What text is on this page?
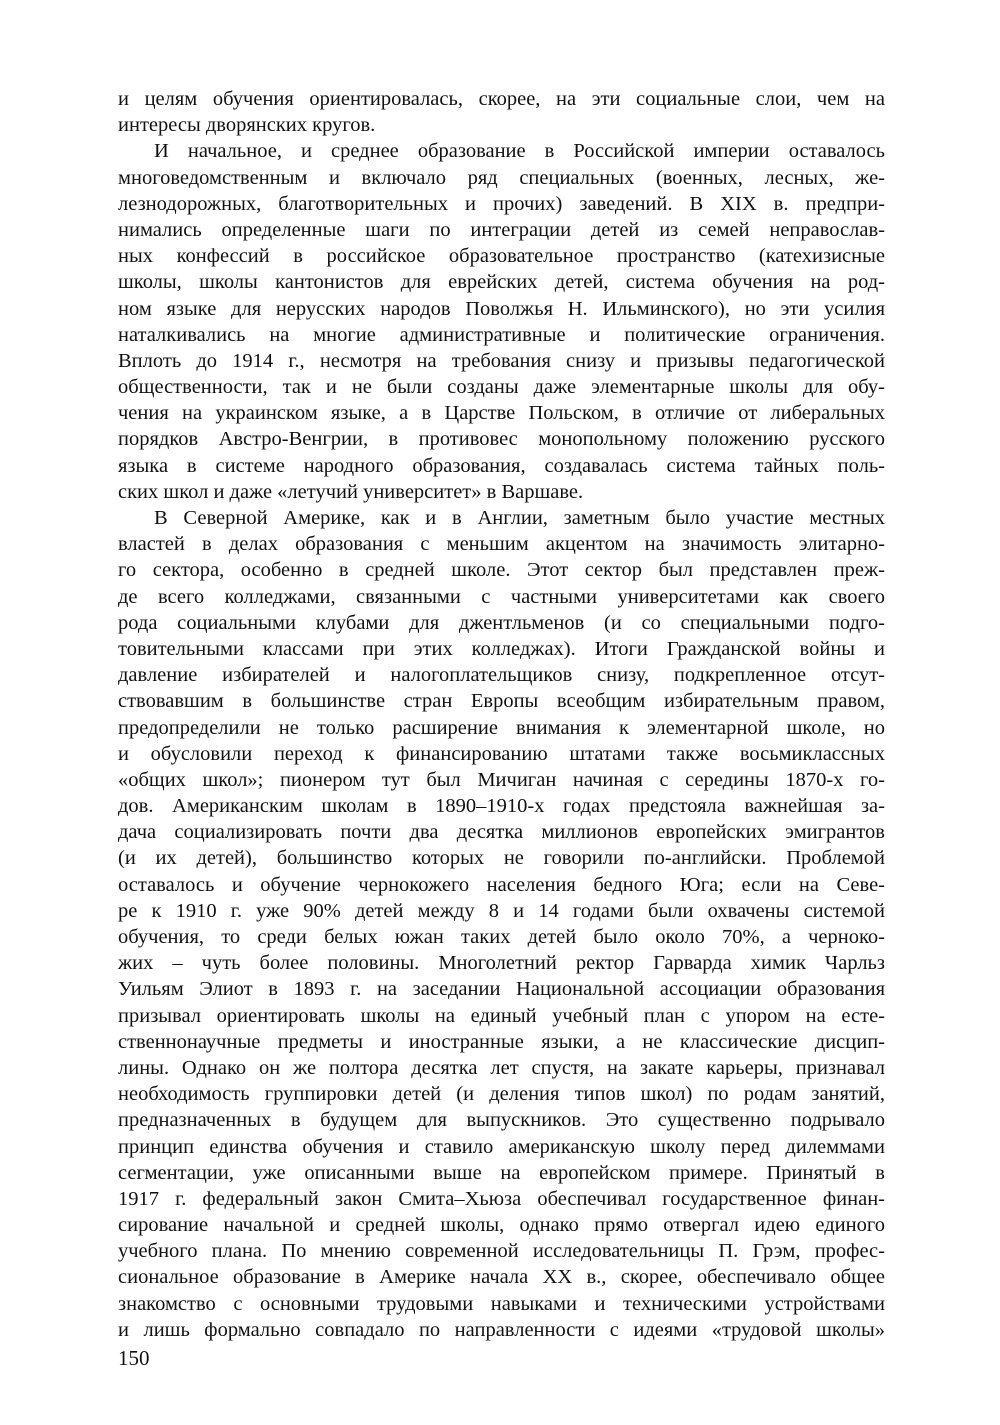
и целям обучения ориентировалась, скорее, на эти социальные слои, чем на
интересы дворянских кругов.
И начальное, и среднее образование в Российской империи оставалось
многоведомственным и включало ряд специальных (военных, лесных, же-
лезнодорожных, благотворительных и прочих) заведений. В XIX в. предпри-
нимались определенные шаги по интеграции детей из семей неправослав-
ных конфессий в российское образовательное пространство (катехизисные
школы, школы кантонистов для еврейских детей, система обучения на род-
ном языке для нерусских народов Поволжья Н. Ильминского), но эти усилия
наталкивались на многие административные и политические ограничения.
Вплоть до 1914 г., несмотря на требования снизу и призывы педагогической
общественности, так и не были созданы даже элементарные школы для обу-
чения на украинском языке, а в Царстве Польском, в отличие от либеральных
порядков Австро-Венгрии, в противовес монопольному положению русского
языка в системе народного образования, создавалась система тайных поль-
ских школ и даже «летучий университет» в Варшаве.
В Северной Америке, как и в Англии, заметным было участие местных
властей в делах образования с меньшим акцентом на значимость элитарно-
го сектора, особенно в средней школе. Этот сектор был представлен преж-
де всего колледжами, связанными с частными университетами как своего
рода социальными клубами для джентльменов (и со специальными подго-
товительными классами при этих колледжах). Итоги Гражданской войны и
давление избирателей и налогоплательщиков снизу, подкрепленное отсут-
ствовавшим в большинстве стран Европы всеобщим избирательным правом,
предопределили не только расширение внимания к элементарной школе, но
и обусловили переход к финансированию штатами также восьмиклассных
«общих школ»; пионером тут был Мичиган начиная с середины 1870-х го-
дов. Американским школам в 1890–1910-х годах предстояла важнейшая за-
дача социализировать почти два десятка миллионов европейских эмигрантов
(и их детей), большинство которых не говорили по-английски. Проблемой
оставалось и обучение чернокожего населения бедного Юга; если на Севе-
ре к 1910 г. уже 90% детей между 8 и 14 годами были охвачены системой
обучения, то среди белых южан таких детей было около 70%, а чернoко-
жих – чуть более половины. Многолетний ректор Гарварда химик Чарльз
Уильям Элиот в 1893 г. на заседании Национальной ассоциации образования
призывал ориентировать школы на единый учебный план с упором на есте-
ственнонаучные предметы и иностранные языки, а не классические дисцип-
лины. Однако он же полтора десятка лет спустя, на закате карьеры, признавал
необходимость группировки детей (и деления типов школ) по родам занятий,
предназначенных в будущем для выпускников. Это существенно подрывало
принцип единства обучения и ставило американскую школу перед дилеммами
сегментации, уже описанными выше на европейском примере. Принятый в
1917 г. федеральный закон Смита–Хьюза обеспечивал государственное финан-
сирование начальной и средней школы, однако прямо отвергал идею единого
учебного плана. По мнению современной исследовательницы П. Грэм, профес-
сиональное образование в Америке начала XX в., скорее, обеспечивало общее
знакомство с основными трудовыми навыками и техническими устройствами
и лишь формально совпадало по направленности с идеями «трудовой школы»
150
